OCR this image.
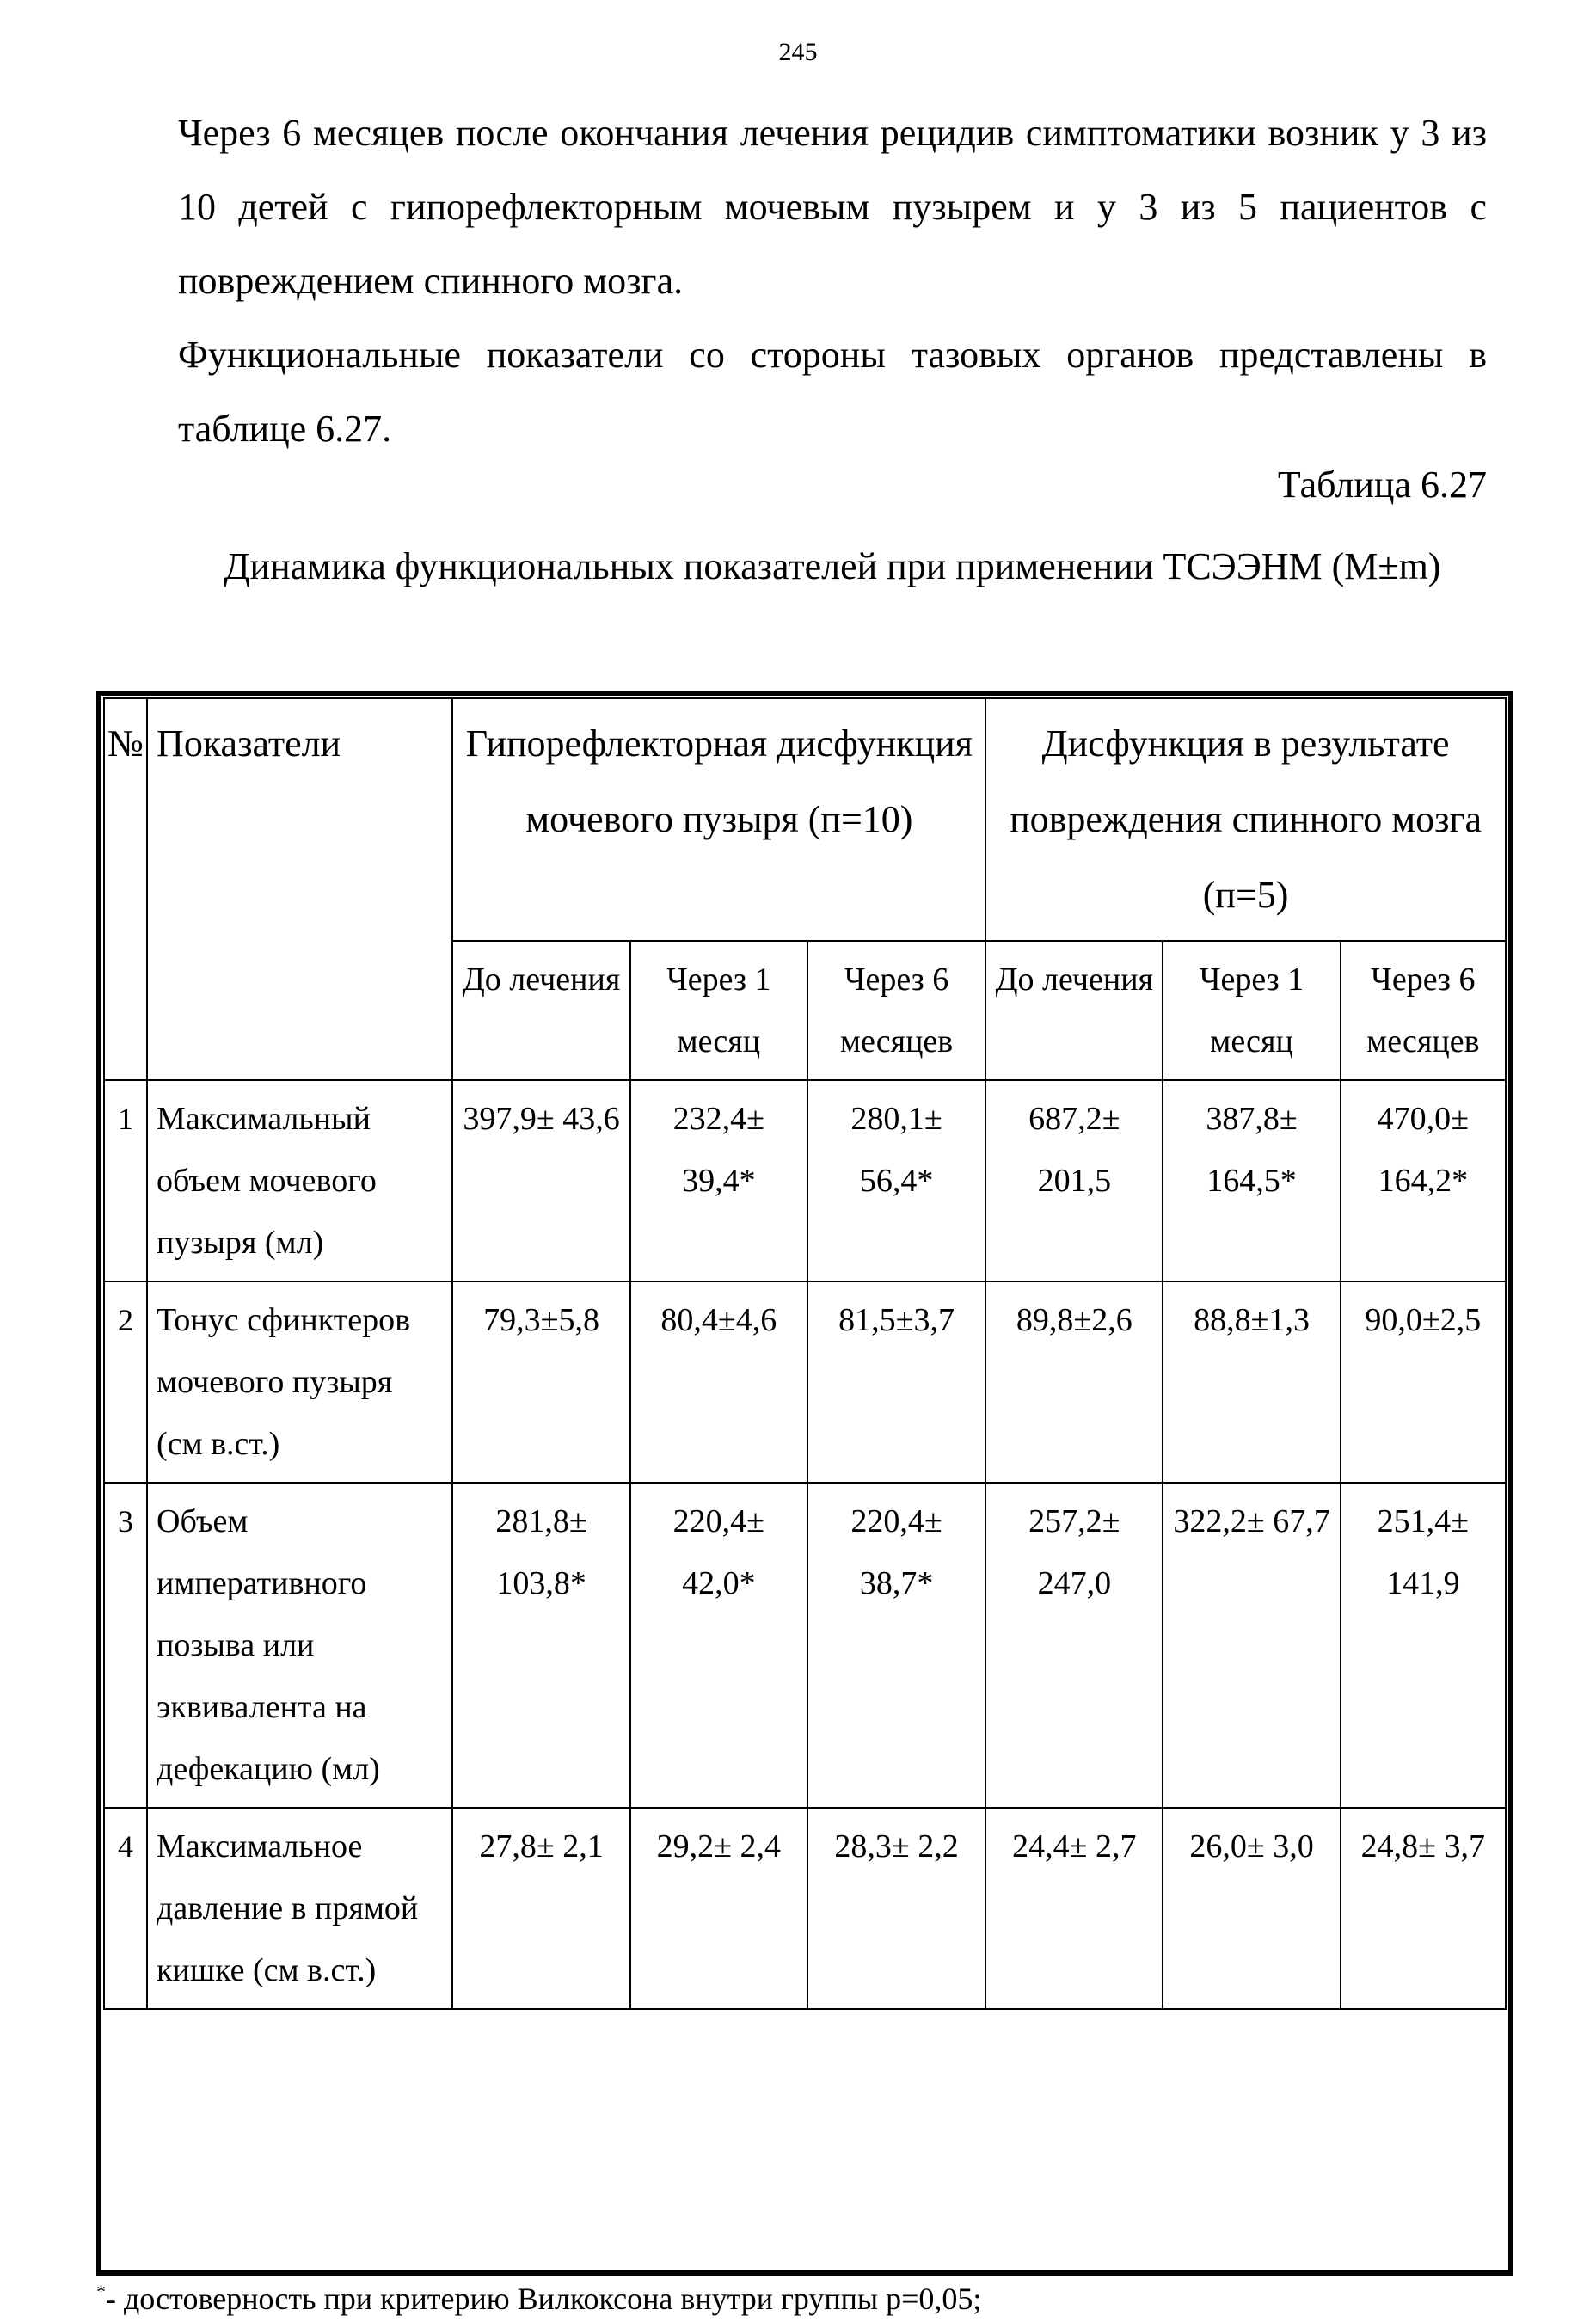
245

Через 6 месяцев после окончания лечения рецидив симптоматики возник у 3 из 10 детей с гипорефлекторным мочевым пузырем и у 3 из 5 пациентов с повреждением спинного мозга.

Функциональные показатели со стороны тазовых органов представлены в таблице 6.27.

Таблица 6.27
Динамика функциональных показателей при применении ТСЭЭНМ (M±m)
№	Показатели	Гипорефлекторная дисфункция мочевого пузыря (п=10)			Дисфункция в результате повреждения спинного мозга (п=5)		
		До лечения	Через 1 месяц	Через 6 месяцев	До лечения	Через 1 месяц	Через 6 месяцев
1	Максимальный объем мочевого пузыря (мл)	397,9± 43,6	232,4± 39,4*	280,1± 56,4*	687,2± 201,5	387,8± 164,5*	470,0± 164,2*
2	Тонус сфинктеров мочевого пузыря (см в.ст.)	79,3±5,8	80,4±4,6	81,5±3,7	89,8±2,6	88,8±1,3	90,0±2,5
3	Объем императивного позыва или эквивалента на дефекацию (мл)	281,8± 103,8*	220,4± 42,0*	220,4± 38,7*	257,2± 247,0	322,2± 67,7	251,4± 141,9
4	Максимальное давление в прямой кишке (см в.ст.)	27,8± 2,1	29,2± 2,4	28,3± 2,2	24,4± 2,7	26,0± 3,0	24,8± 3,7
*- достоверность при критерию Вилкоксона внутри группы р=0,05;
